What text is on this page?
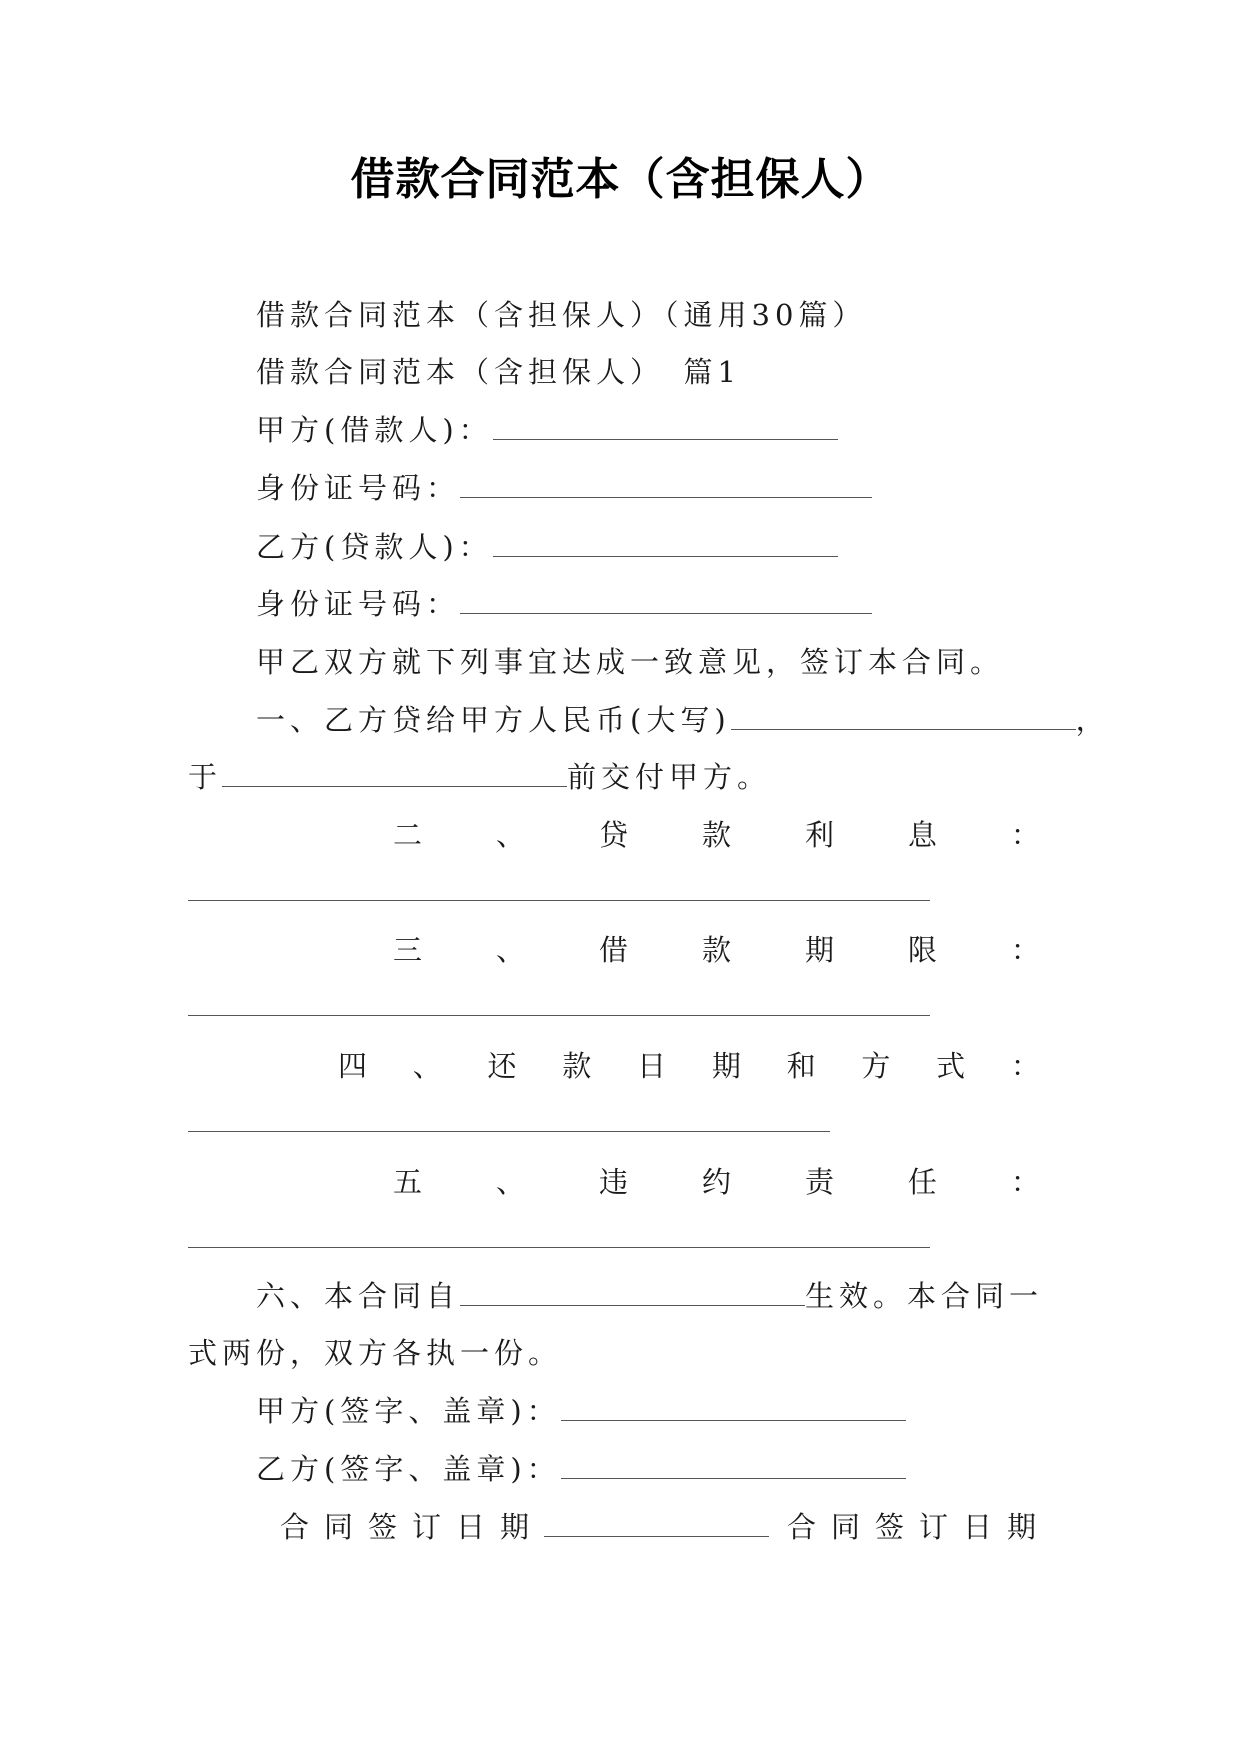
借款合同范本（含担保人）

借款合同范本（含担保人）（通用30篇）

借款合同范本（含担保人）　篇1

甲方(借款人)：

身份证号码：

乙方(贷款人)：

身份证号码：

甲乙双方就下列事宜达成一致意见，签订本合同。

一、乙方贷给甲方人民币(大写)	，

于	前交付甲方。

二	、	贷	款	利	息	：
三	、	借	款	期	限	：
四 、 还 款 日 期 和 方 式 ：
五	、	违	约	责	任	：

六、本合同自	生效。本合同一

式两份，双方各执一份。

甲方(签字、盖章)：

乙方(签字、盖章)：

合同签订日期	合同签订日期
